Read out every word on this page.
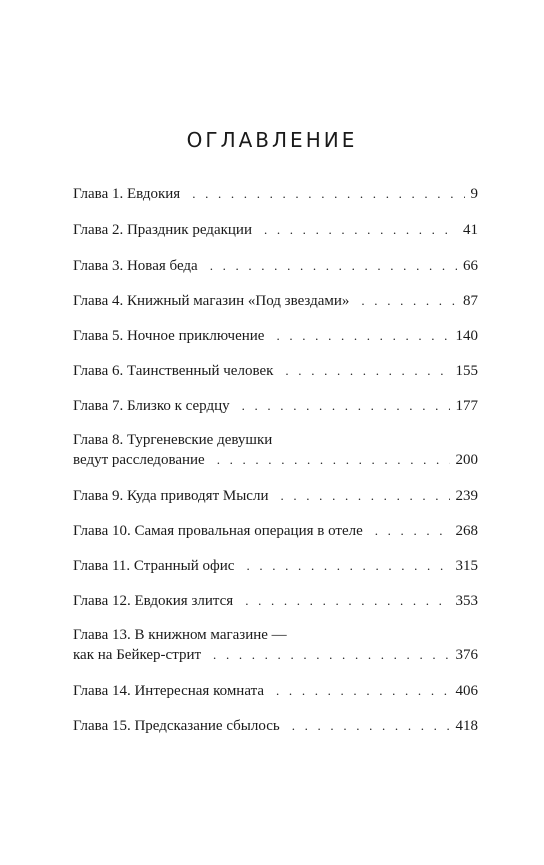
ОГЛАВЛЕНИЕ
Глава 1. Евдокия . . .	9
Глава 2. Праздник редакции . . .	41
Глава 3. Новая беда . . .	66
Глава 4. Книжный магазин «Под звездами» . . .	87
Глава 5. Ночное приключение . . .	140
Глава 6. Таинственный человек . . .	155
Глава 7. Близко к сердцу . . .	177
Глава 8. Тургеневские девушки
ведут расследование . . .	200
Глава 9. Куда приводят Мысли . . .	239
Глава 10. Самая провальная операция в отеле . . .	268
Глава 11. Странный офис . . .	315
Глава 12. Евдокия злится . . .	353
Глава 13. В книжном магазине —
как на Бейкер-стрит . . .	376
Глава 14. Интересная комната . . .	406
Глава 15. Предсказание сбылось . . .	418
